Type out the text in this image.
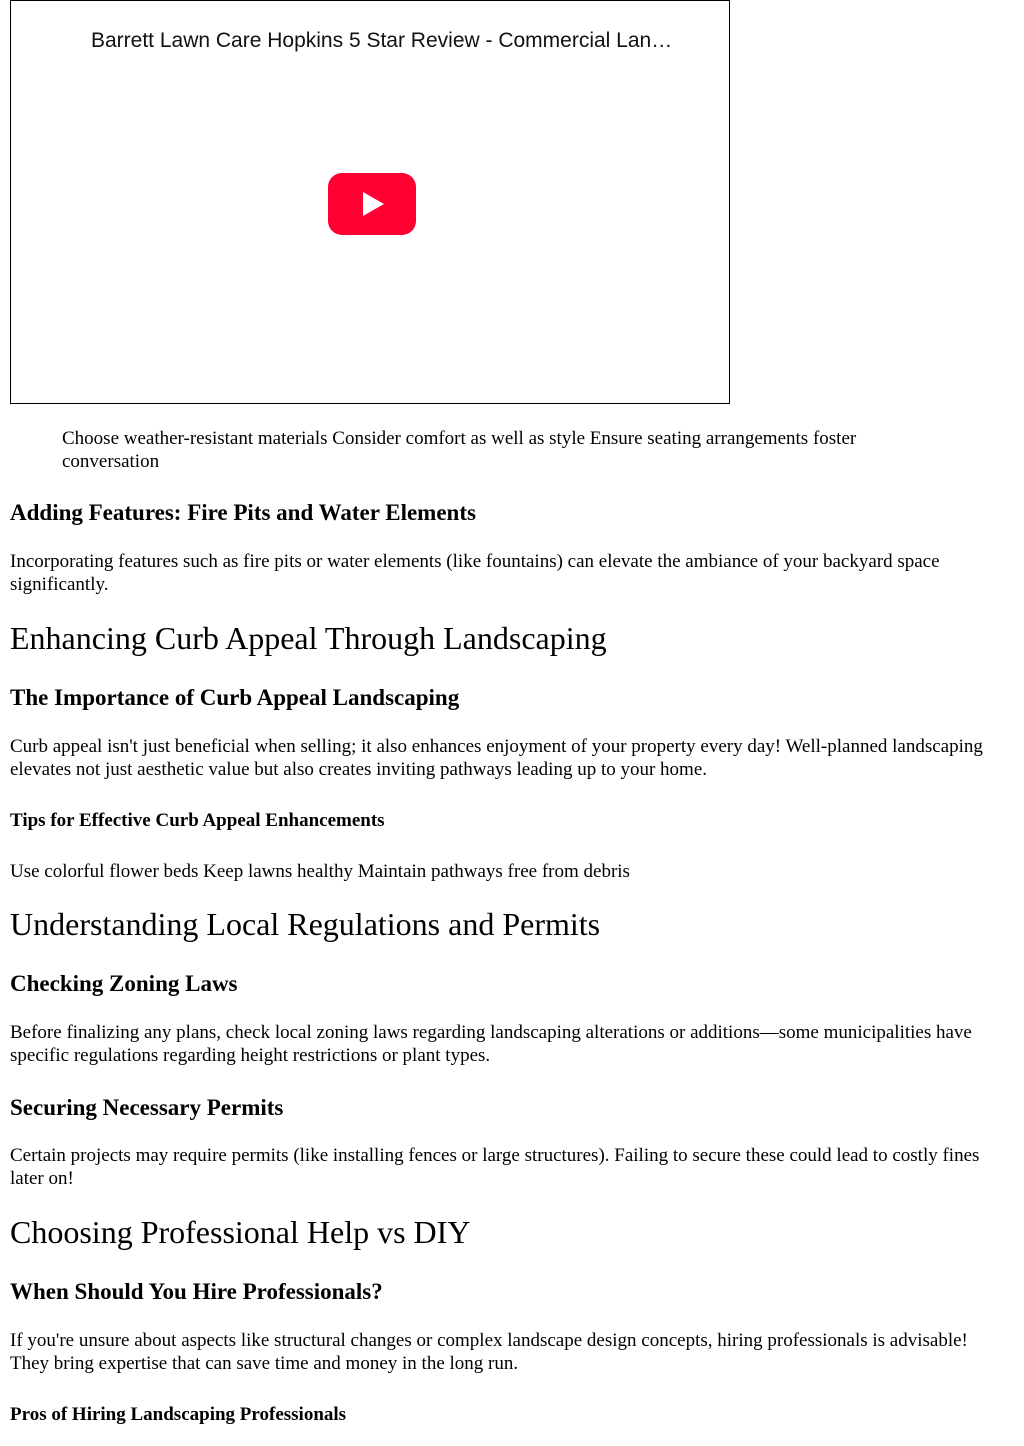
Barrett Lawn Care Hopkins 5 Star Review - Commercial Lan…

Choose weather-resistant materials Consider comfort as well as style Ensure seating arrangements foster conversation

Adding Features: Fire Pits and Water Elements

Incorporating features such as fire pits or water elements (like fountains) can elevate the ambiance of your backyard space significantly.

Enhancing Curb Appeal Through Landscaping
The Importance of Curb Appeal Landscaping

Curb appeal isn't just beneficial when selling; it also enhances enjoyment of your property every day! Well-planned landscaping elevates not just aesthetic value but also creates inviting pathways leading up to your home.

Tips for Effective Curb Appeal Enhancements

Use colorful flower beds Keep lawns healthy Maintain pathways free from debris

Understanding Local Regulations and Permits
Checking Zoning Laws

Before finalizing any plans, check local zoning laws regarding landscaping alterations or additions—some municipalities have specific regulations regarding height restrictions or plant types.

Securing Necessary Permits

Certain projects may require permits (like installing fences or large structures). Failing to secure these could lead to costly fines later on!

Choosing Professional Help vs DIY
When Should You Hire Professionals?

If you're unsure about aspects like structural changes or complex landscape design concepts, hiring professionals is advisable! They bring expertise that can save time and money in the long run.

Pros of Hiring Landscaping Professionals
